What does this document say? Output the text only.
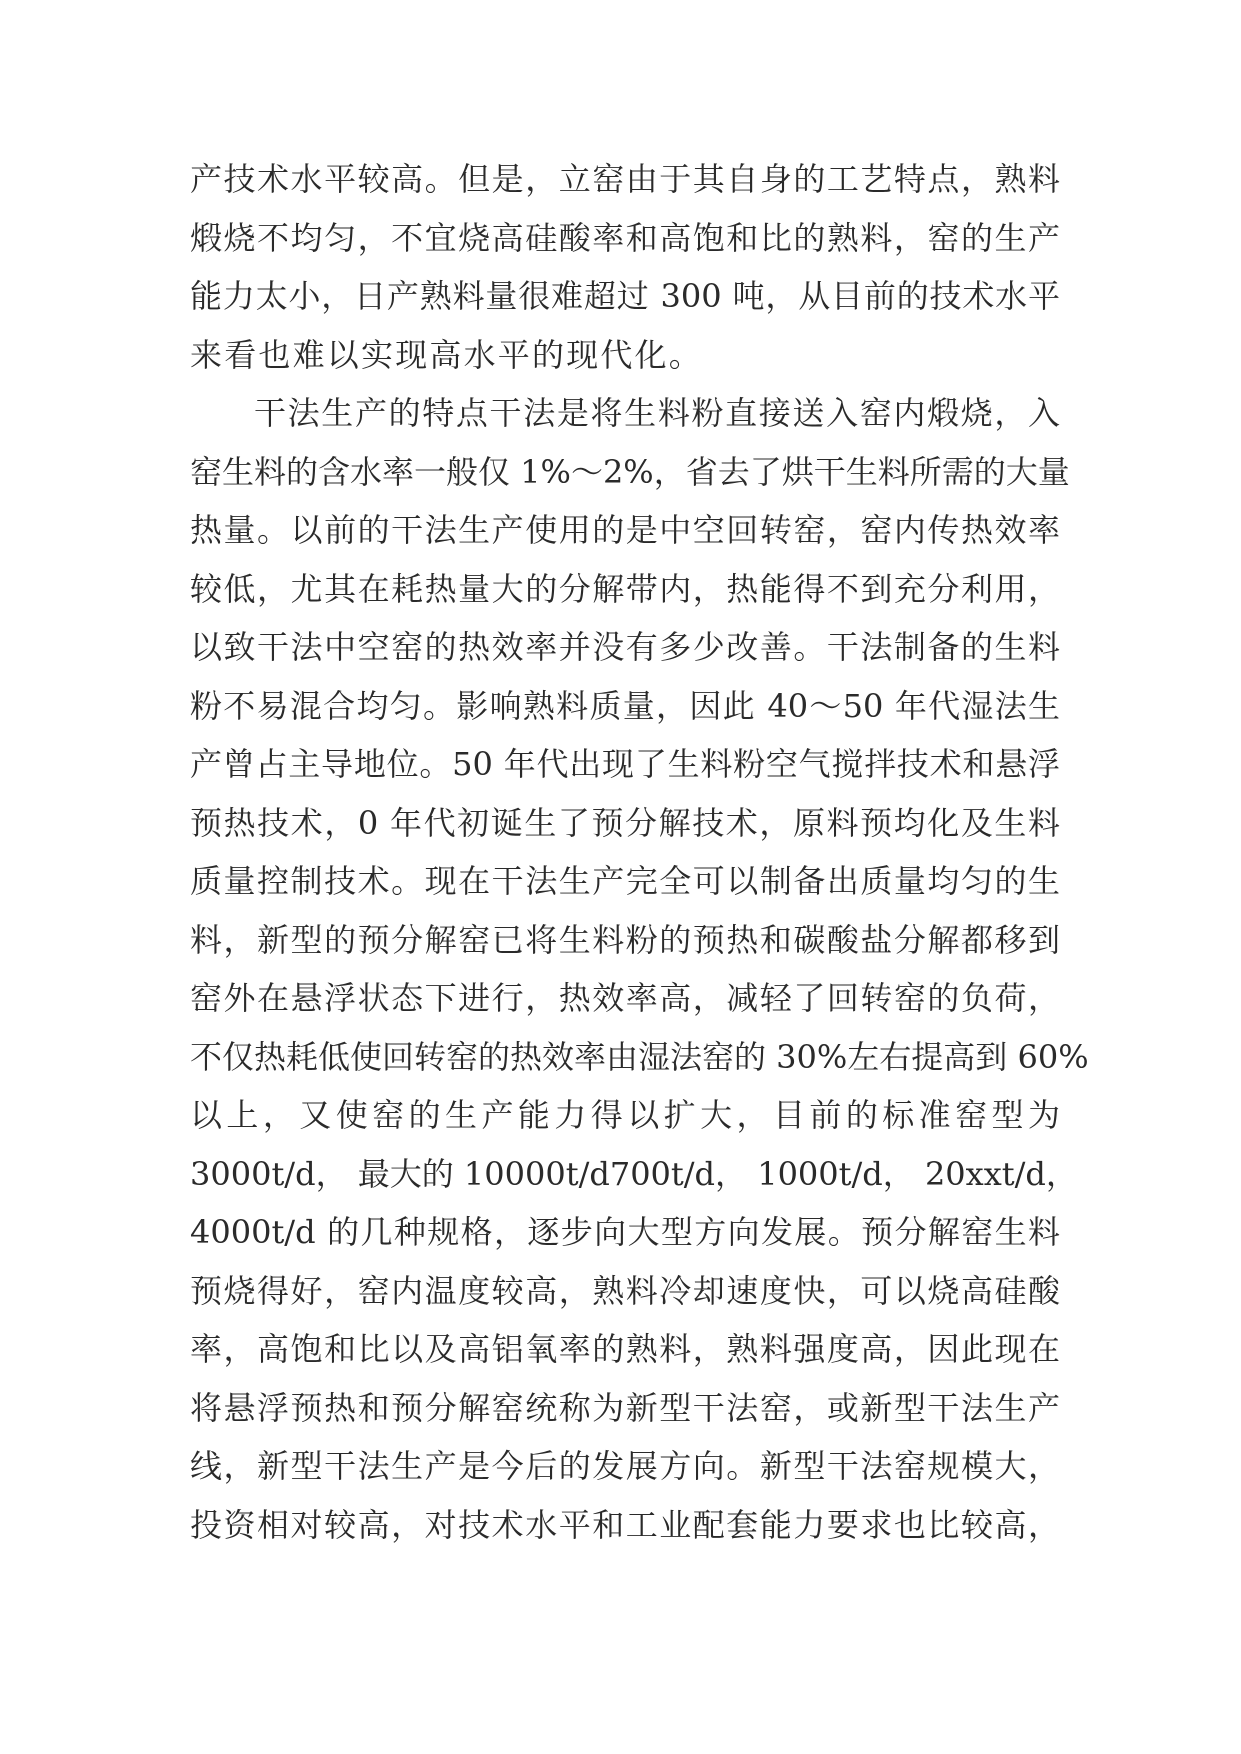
产技术水平较高。但是，立窑由于其自身的工艺特点，熟料
煅烧不均匀，不宜烧高硅酸率和高饱和比的熟料，窑的生产
能力太小，日产熟料量很难超过 300 吨，从目前的技术水平
来看也难以实现高水平的现代化。
干法生产的特点干法是将生料粉直接送入窑内煅烧，入
窑生料的含水率一般仅 1%～2%，省去了烘干生料所需的大量
热量。以前的干法生产使用的是中空回转窑，窑内传热效率
较低，尤其在耗热量大的分解带内，热能得不到充分利用，
以致干法中空窑的热效率并没有多少改善。干法制备的生料
粉不易混合均匀。影响熟料质量，因此 40～50 年代湿法生
产曾占主导地位。50 年代出现了生料粉空气搅拌技术和悬浮
预热技术，0 年代初诞生了预分解技术，原料预均化及生料
质量控制技术。现在干法生产完全可以制备出质量均匀的生
料，新型的预分解窑已将生料粉的预热和碳酸盐分解都移到
窑外在悬浮状态下进行，热效率高，减轻了回转窑的负荷，
不仅热耗低使回转窑的热效率由湿法窑的 30%左右提高到 60%
以上，又使窑的生产能力得以扩大，目前的标准窑型为
3000t/d， 最大的 10000t/d700t/d， 1000t/d， 20xxt/d，
4000t/d 的几种规格，逐步向大型方向发展。预分解窑生料
预烧得好，窑内温度较高，熟料冷却速度快，可以烧高硅酸
率，高饱和比以及高铝氧率的熟料，熟料强度高，因此现在
将悬浮预热和预分解窑统称为新型干法窑，或新型干法生产
线，新型干法生产是今后的发展方向。新型干法窑规模大，
投资相对较高，对技术水平和工业配套能力要求也比较高，
